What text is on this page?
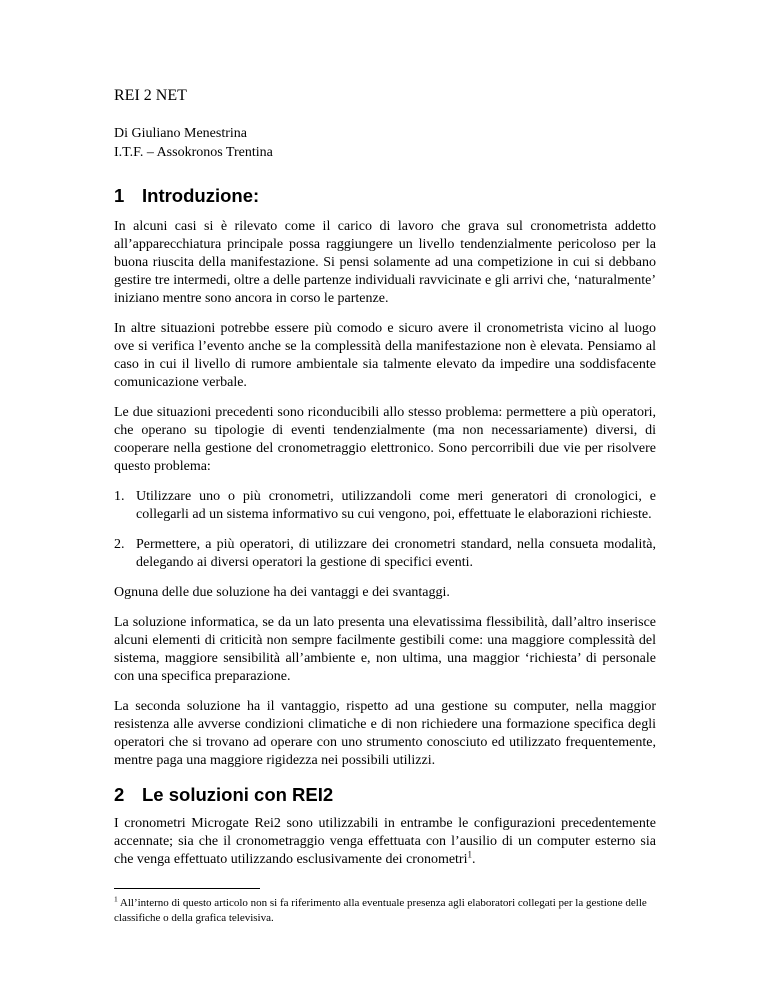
REI 2 NET
Di Giuliano Menestrina
I.T.F. – Assokronos Trentina
1 Introduzione:

In alcuni casi si è rilevato come il carico di lavoro che grava sul cronometrista addetto all’apparecchiatura principale possa raggiungere un livello tendenzialmente pericoloso per la buona riuscita della manifestazione. Si pensi solamente ad una competizione in cui si debbano gestire tre intermedi, oltre a delle partenze individuali ravvicinate e gli arrivi che, ‘naturalmente’ iniziano mentre sono ancora in corso le partenze.

In altre situazioni potrebbe essere più comodo e sicuro avere il cronometrista vicino al luogo ove si verifica l’evento anche se la complessità della manifestazione non è elevata. Pensiamo al caso in cui il livello di rumore ambientale sia talmente elevato da impedire una soddisfacente comunicazione verbale.

Le due situazioni precedenti sono riconducibili allo stesso problema: permettere a più operatori, che operano su tipologie di eventi tendenzialmente (ma non necessariamente) diversi, di cooperare nella gestione del cronometraggio elettronico. Sono percorribili due vie per risolvere questo problema:

1. Utilizzare uno o più cronometri, utilizzandoli come meri generatori di cronologici, e collegarli ad un sistema informativo su cui vengono, poi, effettuate le elaborazioni richieste.
2. Permettere, a più operatori, di utilizzare dei cronometri standard, nella consueta modalità, delegando ai diversi operatori la gestione di specifici eventi.

Ognuna delle due soluzione ha dei vantaggi e dei svantaggi.

La soluzione informatica, se da un lato presenta una elevatissima flessibilità, dall’altro inserisce alcuni elementi di criticità non sempre facilmente gestibili come: una maggiore complessità del sistema, maggiore sensibilità all’ambiente e, non ultima, una maggior ‘richiesta’ di personale con una specifica preparazione.

La seconda soluzione ha il vantaggio, rispetto ad una gestione su computer, nella maggior resistenza alle avverse condizioni climatiche e di non richiedere una formazione specifica degli operatori che si trovano ad operare con uno strumento conosciuto ed utilizzato frequentemente, mentre paga una maggiore rigidezza nei possibili utilizzi.

2 Le soluzioni con REI2

I cronometri Microgate Rei2 sono utilizzabili in entrambe le configurazioni precedentemente accennate; sia che il cronometraggio venga effettuata con l’ausilio di un computer esterno sia che venga effettuato utilizzando esclusivamente dei cronometri$^1$.

$^1$ All’interno di questo articolo non si fa riferimento alla eventuale presenza agli elaboratori collegati per la gestione delle classifiche o della grafica televisiva.
